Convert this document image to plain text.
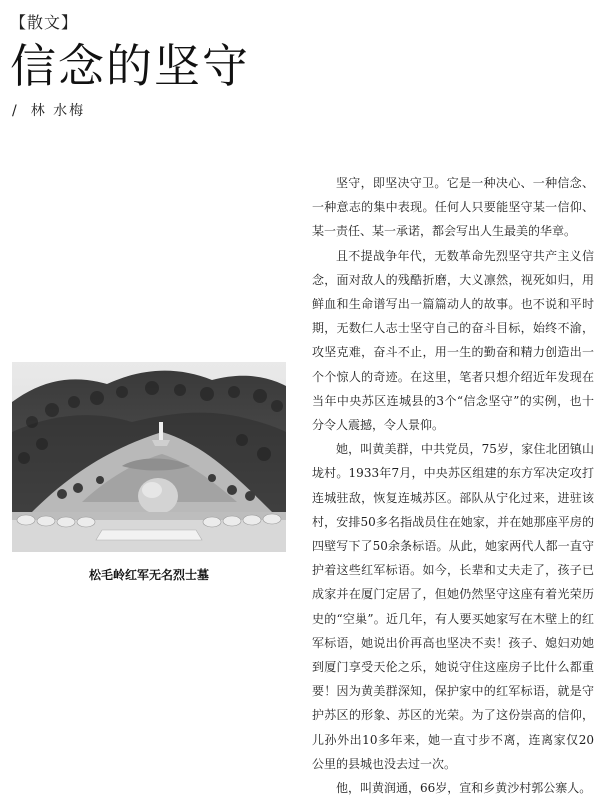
【散文】
信念的坚守
/ 林 水梅
松毛岭红军无名烈士墓

坚守，即坚决守卫。它是一种决心、一种信念、一种意志的集中表现。任何人只要能坚守某一信仰、某一责任、某一承诺，都会写出人生最美的华章。

且不提战争年代，无数革命先烈坚守共产主义信念，面对敌人的残酷折磨，大义凛然，视死如归，用鲜血和生命谱写出一篇篇动人的故事。也不说和平时期，无数仁人志士坚守自己的奋斗目标，始终不渝，攻坚克难，奋斗不止，用一生的勤奋和精力创造出一个个惊人的奇迹。在这里，笔者只想介绍近年发现在当年中央苏区连城县的3个“信念坚守”的实例，也十分令人震撼，令人景仰。

她，叫黄美群，中共党员，75岁，家住北团镇山垅村。1933年7月，中央苏区组建的东方军决定攻打连城驻敌，恢复连城苏区。部队从宁化过来，进驻该村，安排50多名指战员住在她家，并在她那座平房的四壁写下了50余条标语。从此，她家两代人都一直守护着这些红军标语。如今，长辈和丈夫走了，孩子已成家并在厦门定居了，但她仍然坚守这座有着光荣历史的“空巢”。近几年，有人要买她家写在木壁上的红军标语，她说出价再高也坚决不卖！孩子、媳妇劝她到厦门享受天伦之乐，她说守住这座房子比什么都重要！因为黄美群深知，保护家中的红军标语，就是守护苏区的形象、苏区的光荣。为了这份崇高的信仰，儿孙外出10多年来，她一直寸步不离，连离家仅20公里的县城也没去过一次。

他，叫黄润通，66岁，宣和乡黄沙村郭公寨人。
